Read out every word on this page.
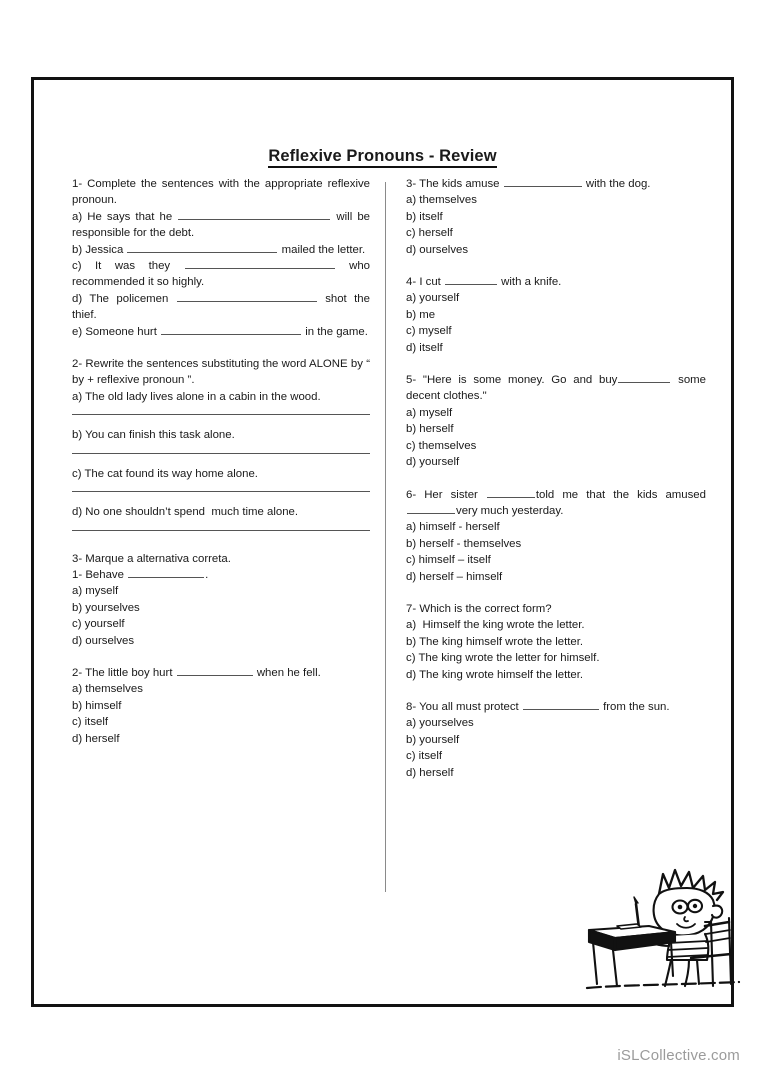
Reflexive Pronouns - Review

1- Complete the sentences with the appropriate reflexive pronoun.

a) He says that he	will be responsible for the debt.

b) Jessica	mailed the letter.

c) It was they	who recommended it so highly.

d) The policemen	shot the thief.

e) Someone hurt	in the game.

2- Rewrite the sentences substituting the word ALONE by “ by + reflexive pronoun ”.

a) The old lady lives alone in a cabin in the wood.

b) You can finish this task alone.

c) The cat found its way home alone.

d) No one shouldn’t spend  much time alone.

3- Marque a alternativa correta.

1- Behave	.

a) myself

b) yourselves

c) yourself

d) ourselves

2- The little boy hurt	when he fell.

a) themselves

b) himself

c) itself

d) herself

3- The kids amuse	with the dog.

a) themselves

b) itself

c) herself

d) ourselves

4- I cut	with a knife.

a) yourself

b) me

c) myself

d) itself

5- "Here is some money. Go and buy	some decent clothes."

a) myself

b) herself

c) themselves

d) yourself

6- Her sister	told me that the kids amused very much yesterday.

a) himself - herself

b) herself - themselves

c) himself – itself

d) herself – himself

7- Which is the correct form?

a)  Himself the king wrote the letter.

b) The king himself wrote the letter.

c) The king wrote the letter for himself.

d) The king wrote himself the letter.

8- You all must protect	from the sun.

a) yourselves

b) yourself

c) itself

d) herself

iSLCollective.com
